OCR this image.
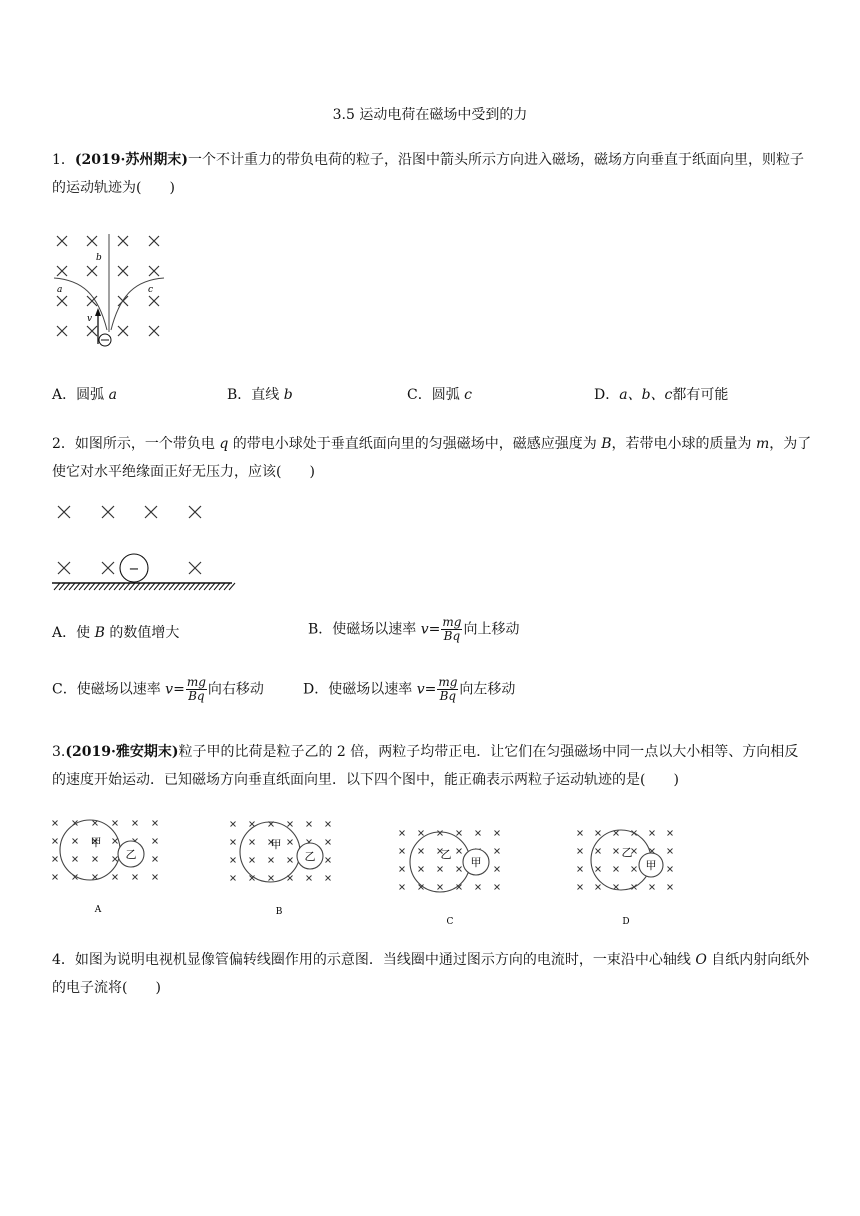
3.5 运动电荷在磁场中受到的力
1．(2019·苏州期末)一个不计重力的带负电荷的粒子，沿图中箭头所示方向进入磁场，磁场方向垂直于纸面向里，则粒子的运动轨迹为(　　)
a
b
c
v
A．圆弧 a	B．直线 b	C．圆弧 c	D．a、b、c都有可能
2．如图所示，一个带负电 q 的带电小球处于垂直纸面向里的匀强磁场中，磁感应强度为 B，若带电小球的质量为 m，为了使它对水平绝缘面正好无压力，应该(　　)
−
A．使 B 的数值增大	B．使磁场以速率 $v= \frac{mg}{Bq}$ 向上移动
C．使磁场以速率 $v= \frac{mg}{Bq}$ 向右移动	D．使磁场以速率 $v= \frac{mg}{Bq}$ 向左移动
3.(2019·雅安期末)粒子甲的比荷是粒子乙的 2 倍，两粒子均带正电．让它们在匀强磁场中同一点以大小相等、方向相反的速度开始运动．已知磁场方向垂直纸面向里．以下四个图中，能正确表示两粒子运动轨迹的是(　　)
甲
乙
A
甲
乙
B
乙
甲
C
乙
甲
D
4．如图为说明电视机显像管偏转线圈作用的示意图．当线圈中通过图示方向的电流时，一束沿中心轴线 O 自纸内射向纸外的电子流将(　　)
